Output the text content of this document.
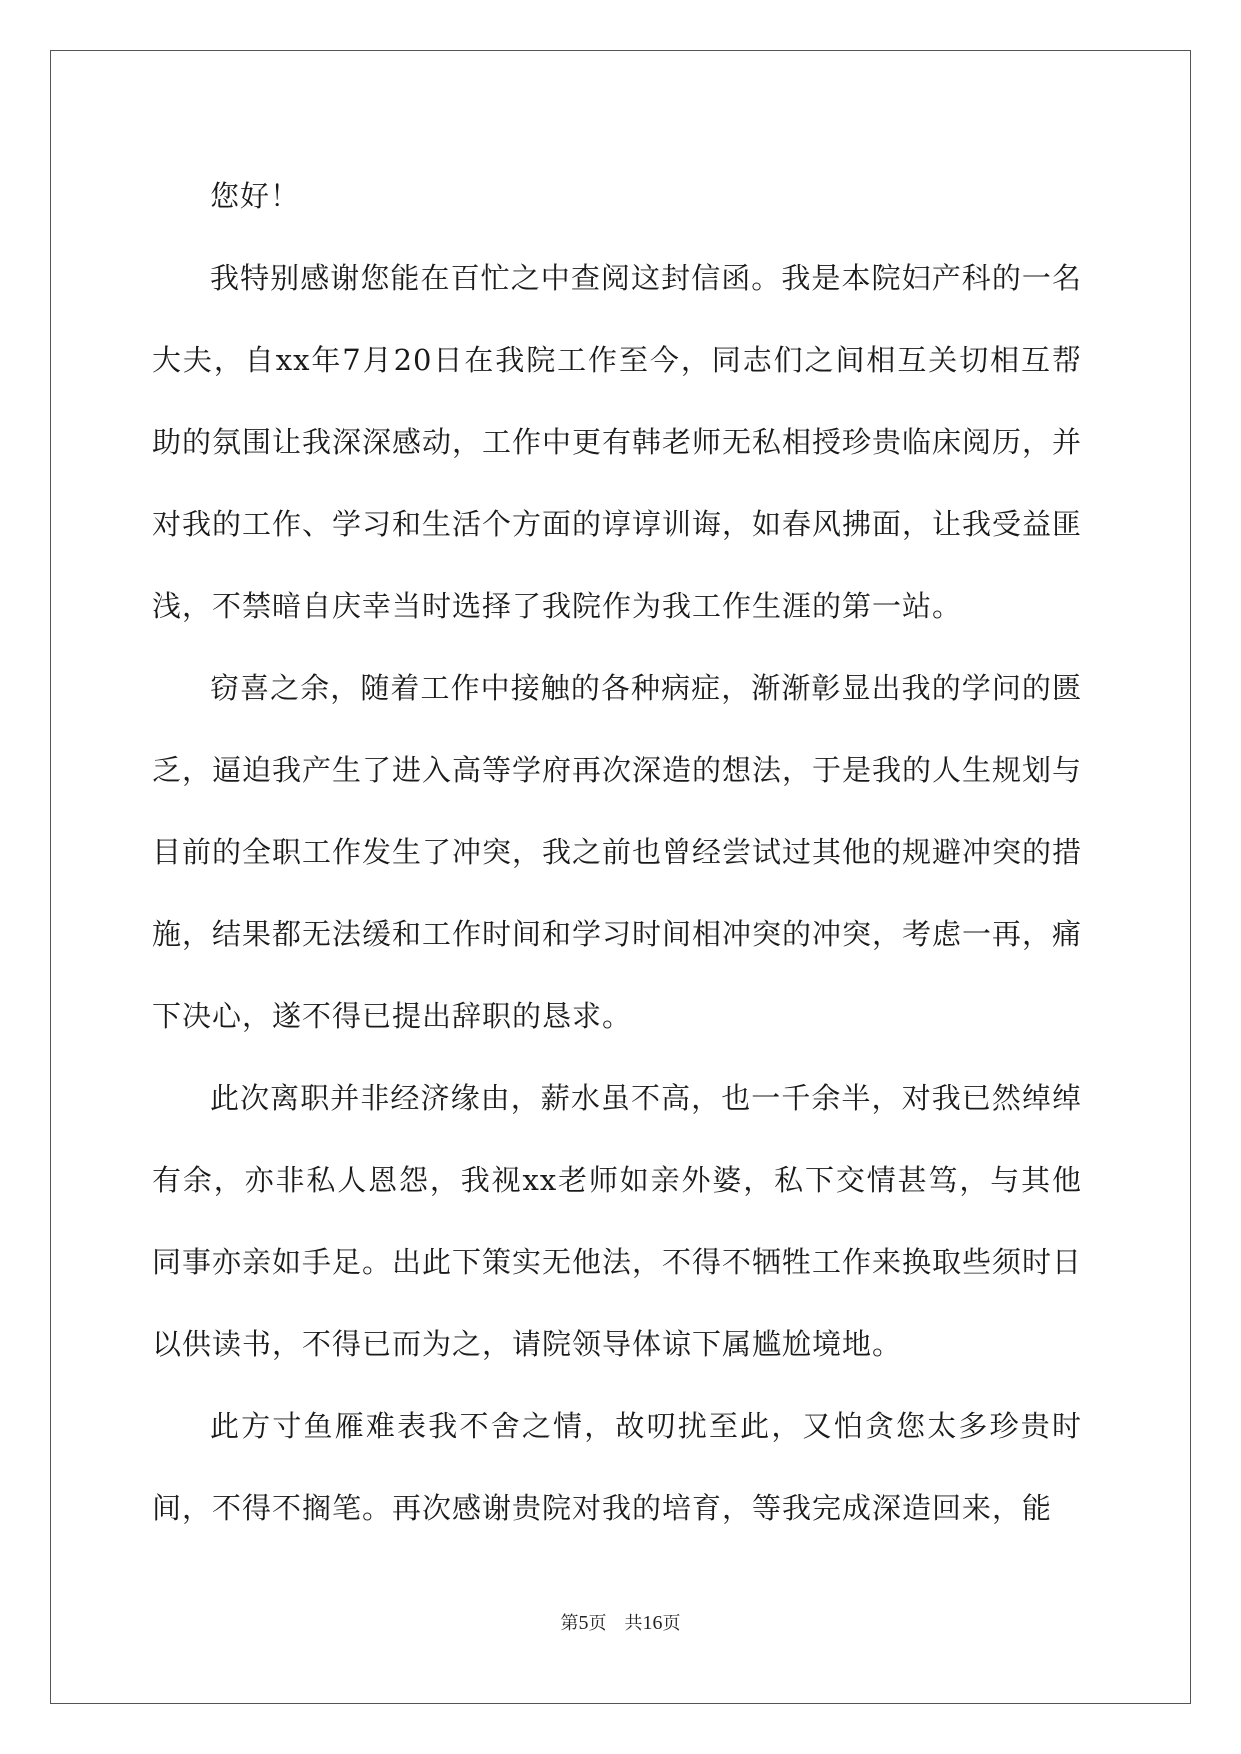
您好！

我特别感谢您能在百忙之中查阅这封信函。我是本院妇产科的一名大夫，自xx年7月20日在我院工作至今，同志们之间相互关切相互帮助的氛围让我深深感动，工作中更有韩老师无私相授珍贵临床阅历，并对我的工作、学习和生活个方面的谆谆训诲，如春风拂面，让我受益匪浅，不禁暗自庆幸当时选择了我院作为我工作生涯的第一站。

窃喜之余，随着工作中接触的各种病症，渐渐彰显出我的学问的匮乏，逼迫我产生了进入高等学府再次深造的想法，于是我的人生规划与目前的全职工作发生了冲突，我之前也曾经尝试过其他的规避冲突的措施，结果都无法缓和工作时间和学习时间相冲突的冲突，考虑一再，痛下决心，遂不得已提出辞职的恳求。

此次离职并非经济缘由，薪水虽不高，也一千余半，对我已然绰绰有余，亦非私人恩怨，我视xx老师如亲外婆，私下交情甚笃，与其他同事亦亲如手足。出此下策实无他法，不得不牺牲工作来换取些须时日以供读书，不得已而为之，请院领导体谅下属尴尬境地。

此方寸鱼雁难表我不舍之情，故叨扰至此，又怕贪您太多珍贵时间，不得不搁笔。再次感谢贵院对我的培育，等我完成深造回来，能

第5页 共16页
